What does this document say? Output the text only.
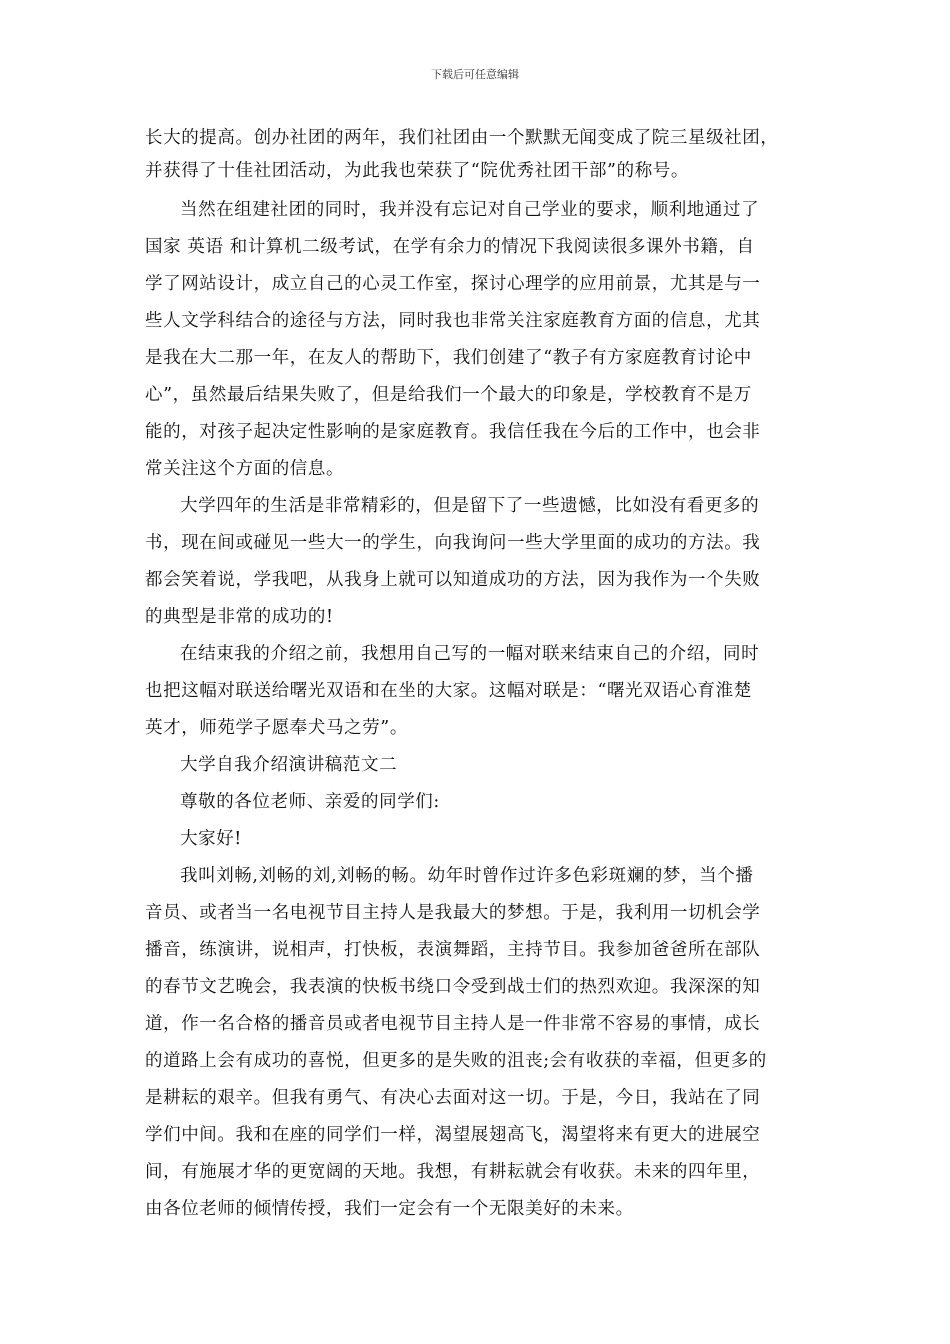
下载后可任意编辑
长大的提高。创办社团的两年，我们社团由一个默默无闻变成了院三星级社团，
并获得了十佳社团活动，为此我也荣获了“院优秀社团干部”的称号。
当然在组建社团的同时，我并没有忘记对自己学业的要求，顺利地通过了
国家 英语 和计算机二级考试，在学有余力的情况下我阅读很多课外书籍，自
学了网站设计，成立自己的心灵工作室，探讨心理学的应用前景，尤其是与一
些人文学科结合的途径与方法，同时我也非常关注家庭教育方面的信息，尤其
是我在大二那一年，在友人的帮助下，我们创建了“教子有方家庭教育讨论中
心”，虽然最后结果失败了，但是给我们一个最大的印象是，学校教育不是万
能的，对孩子起决定性影响的是家庭教育。我信任我在今后的工作中，也会非
常关注这个方面的信息。
大学四年的生活是非常精彩的，但是留下了一些遗憾，比如没有看更多的
书，现在间或碰见一些大一的学生，向我询问一些大学里面的成功的方法。我
都会笑着说，学我吧，从我身上就可以知道成功的方法，因为我作为一个失败
的典型是非常的成功的!
在结束我的介绍之前，我想用自己写的一幅对联来结束自己的介绍，同时
也把这幅对联送给曙光双语和在坐的大家。这幅对联是：“曙光双语心育淮楚
英才，师苑学子愿奉犬马之劳”。
大学自我介绍演讲稿范文二
尊敬的各位老师、亲爱的同学们:
大家好!
我叫刘畅,刘畅的刘,刘畅的畅。幼年时曾作过许多色彩斑斓的梦，当个播
音员、或者当一名电视节目主持人是我最大的梦想。于是，我利用一切机会学
播音，练演讲，说相声，打快板，表演舞蹈，主持节目。我参加爸爸所在部队
的春节文艺晚会，我表演的快板书绕口令受到战士们的热烈欢迎。我深深的知
道，作一名合格的播音员或者电视节目主持人是一件非常不容易的事情，成长
的道路上会有成功的喜悦，但更多的是失败的沮丧;会有收获的幸福，但更多的
是耕耘的艰辛。但我有勇气、有决心去面对这一切。于是，今日，我站在了同
学们中间。我和在座的同学们一样，渴望展翅高飞，渴望将来有更大的进展空
间，有施展才华的更宽阔的天地。我想，有耕耘就会有收获。未来的四年里，
由各位老师的倾情传授，我们一定会有一个无限美好的未来。
